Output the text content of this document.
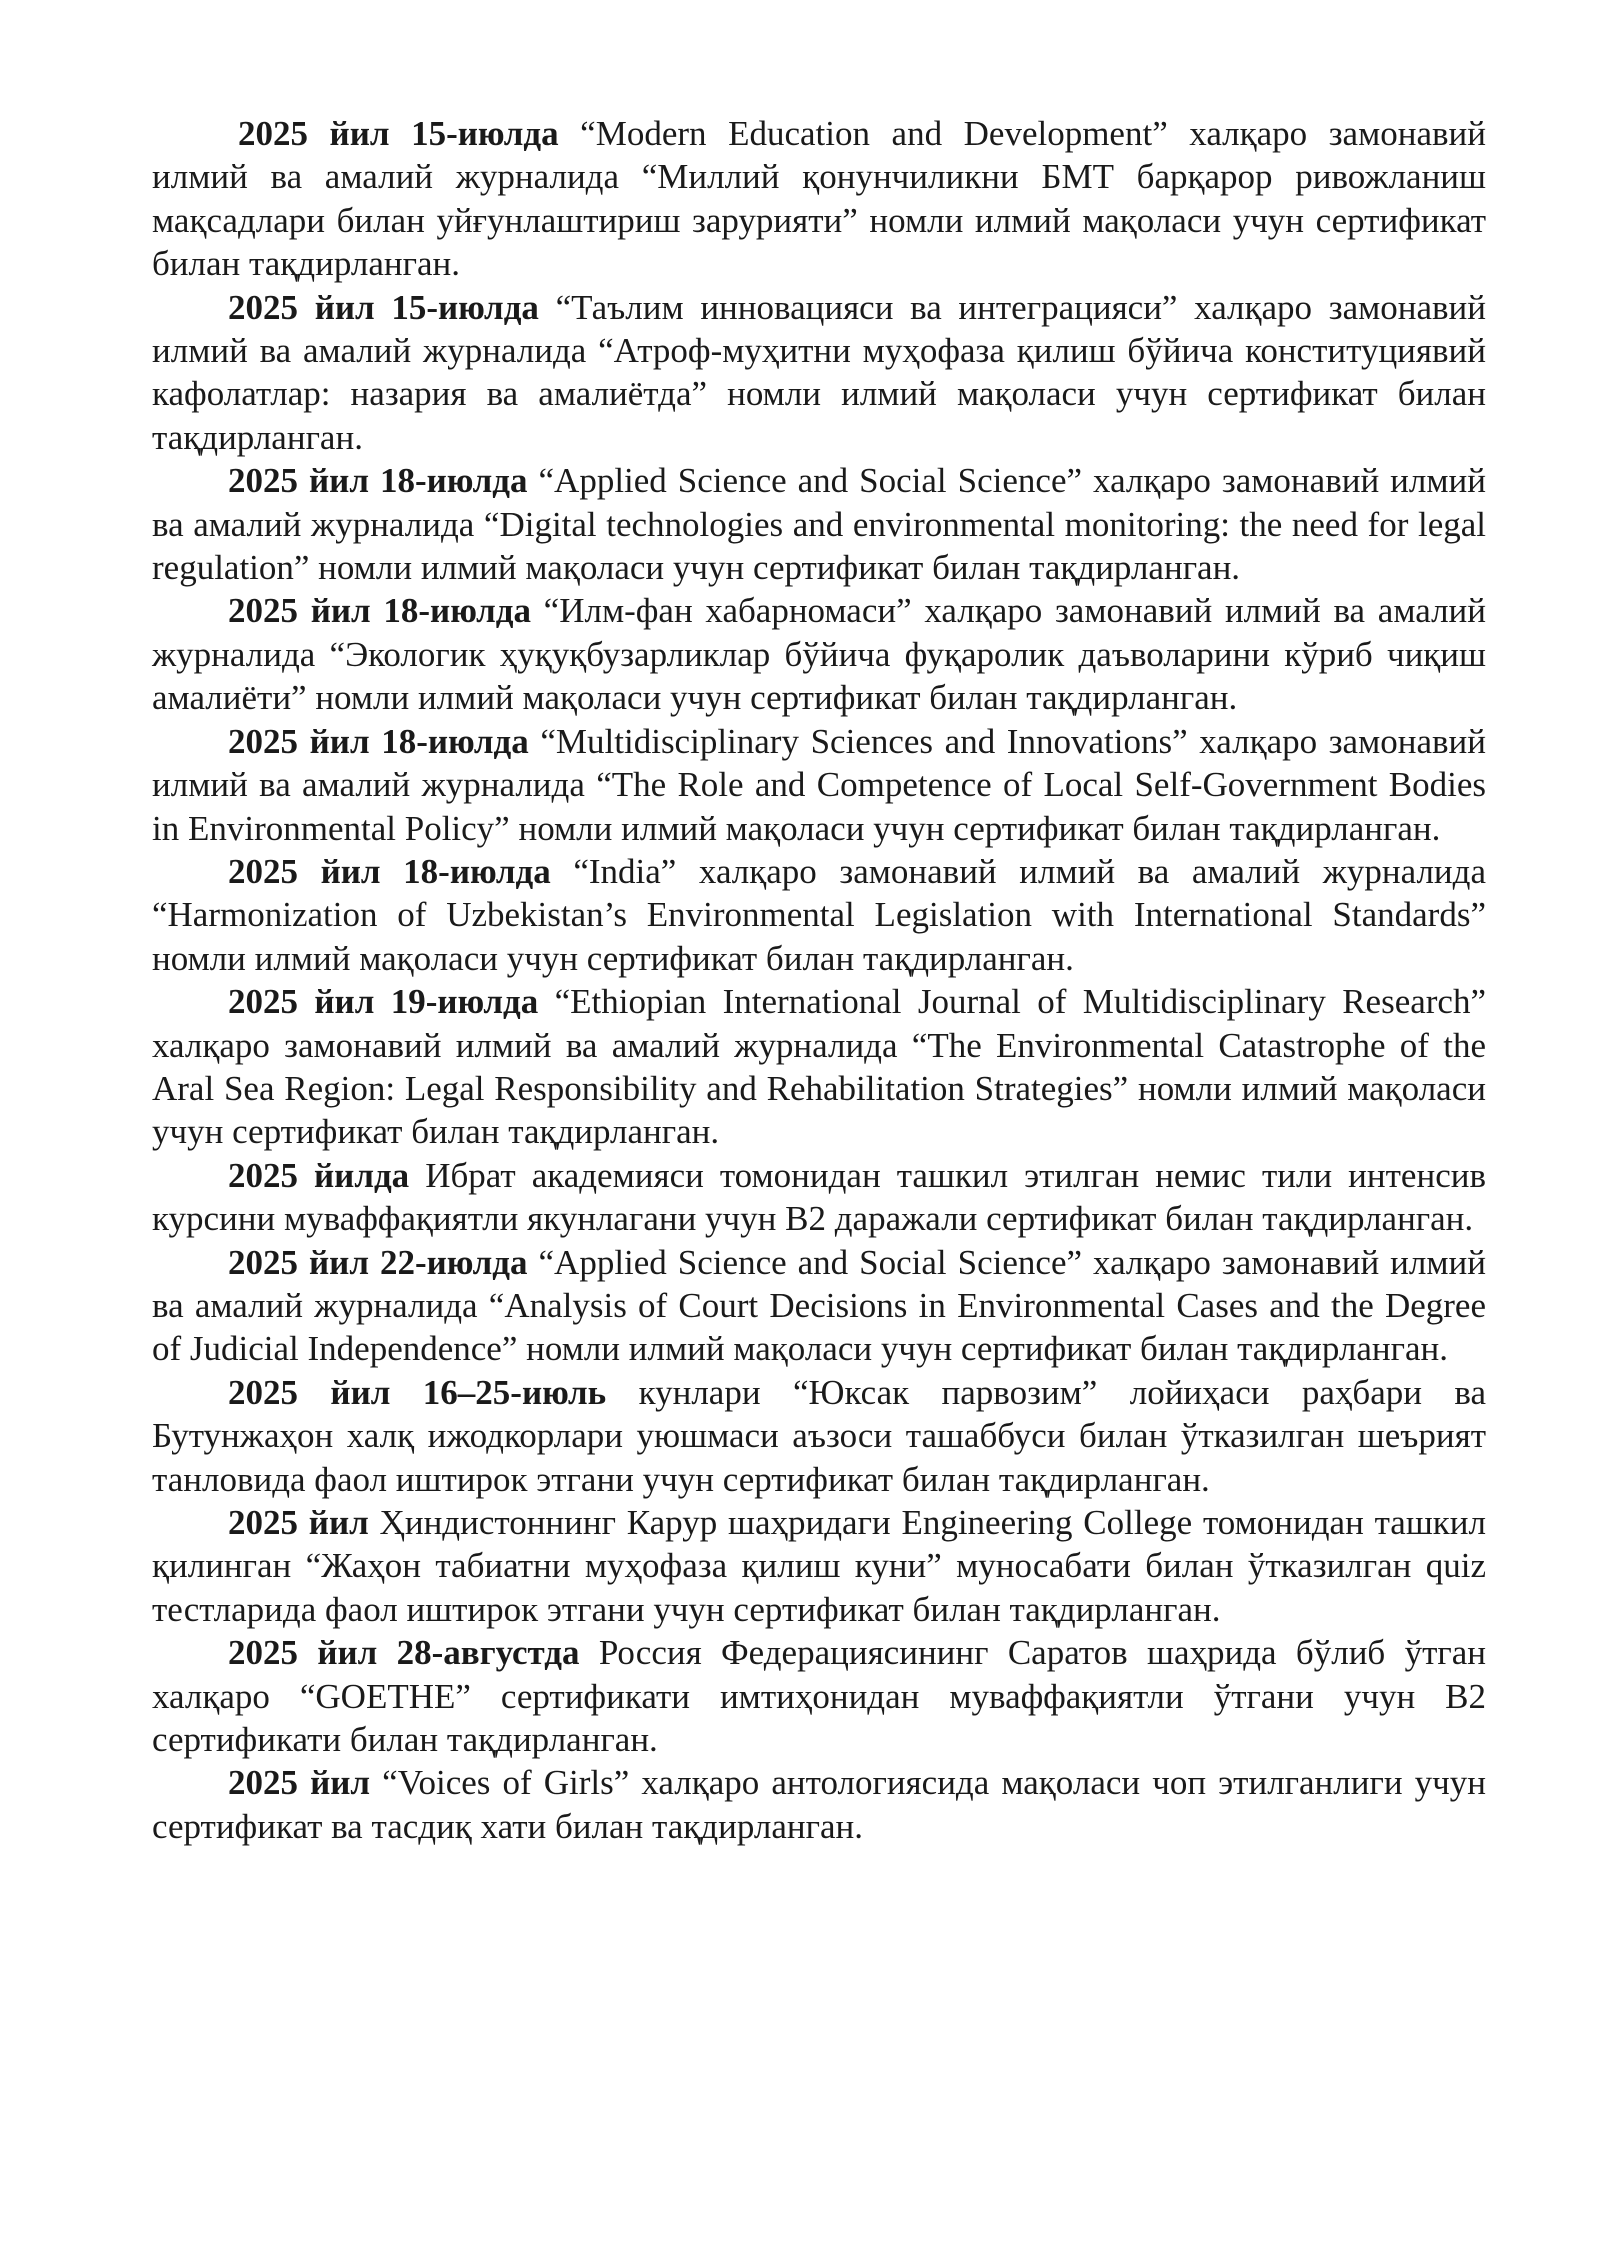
2025 йил 15-июлда “Modern Education and Development” халқаро замонавий илмий ва амалий журналида “Миллий қонунчиликни БМТ барқарор ривожланиш мақсадлари билан уйғунлаштириш зарурияти” номли илмий мақоласи учун сертификат билан тақдирланган.

2025 йил 15-июлда “Таълим инновацияси ва интеграцияси” халқаро замонавий илмий ва амалий журналида “Атроф-муҳитни муҳофаза қилиш бўйича конституциявий кафолатлар: назария ва амалиётда” номли илмий мақоласи учун сертификат билан тақдирланган.

2025 йил 18-июлда “Applied Science and Social Science” халқаро замонавий илмий ва амалий журналида “Digital technologies and environmental monitoring: the need for legal regulation” номли илмий мақоласи учун сертификат билан тақдирланган.

2025 йил 18-июлда “Илм-фан хабарномаси” халқаро замонавий илмий ва амалий журналида “Экологик ҳуқуқбузарликлар бўйича фуқаролик даъволарини кўриб чиқиш амалиёти” номли илмий мақоласи учун сертификат билан тақдирланган.

2025 йил 18-июлда “Multidisciplinary Sciences and Innovations” халқаро замонавий илмий ва амалий журналида “The Role and Competence of Local Self-Government Bodies in Environmental Policy” номли илмий мақоласи учун сертификат билан тақдирланган.

2025 йил 18-июлда “India” халқаро замонавий илмий ва амалий журналида “Harmonization of Uzbekistan’s Environmental Legislation with International Standards” номли илмий мақоласи учун сертификат билан тақдирланган.

2025 йил 19-июлда “Ethiopian International Journal of Multidisciplinary Research” халқаро замонавий илмий ва амалий журналида “The Environmental Catastrophe of the Aral Sea Region: Legal Responsibility and Rehabilitation Strategies” номли илмий мақоласи учун сертификат билан тақдирланган.

2025 йилда Ибрат академияси томонидан ташкил этилган немис тили интенсив курсини муваффақиятли якунлагани учун B2 даражали сертификат билан тақдирланган.

2025 йил 22-июлда “Applied Science and Social Science” халқаро замонавий илмий ва амалий журналида “Analysis of Court Decisions in Environmental Cases and the Degree of Judicial Independence” номли илмий мақоласи учун сертификат билан тақдирланган.

2025 йил 16–25-июль кунлари “Юксак парвозим” лойиҳаси раҳбари ва Бутунжаҳон халқ ижодкорлари уюшмаси аъзоси ташаббуси билан ўтказилган шеърият танловида фаол иштирок этгани учун сертификат билан тақдирланган.

2025 йил Ҳиндистоннинг Карур шаҳридаги Engineering College томонидан ташкил қилинган “Жаҳон табиатни муҳофаза қилиш куни” муносабати билан ўтказилган quiz тестларида фаол иштирок этгани учун сертификат билан тақдирланган.

2025 йил 28-августда Россия Федерациясининг Саратов шаҳрида бўлиб ўтган халқаро “GOETHE” сертификати имтиҳонидан муваффақиятли ўтгани учун B2 сертификати билан тақдирланган.

2025 йил “Voices of Girls” халқаро антологиясида мақоласи чоп этилганлиги учун сертификат ва тасдиқ хати билан тақдирланган.
